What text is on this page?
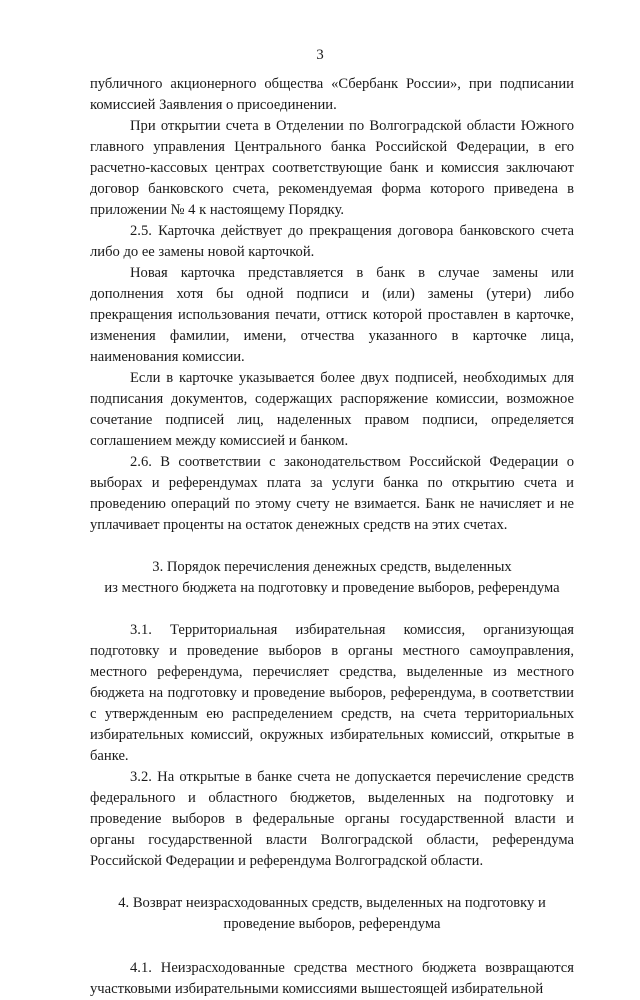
3

публичного акционерного общества «Сбербанк России», при подписании комиссией Заявления о присоединении.

При открытии счета в Отделении по Волгоградской области Южного главного управления Центрального банка Российской Федерации, в его расчетно-кассовых центрах соответствующие банк и комиссия заключают договор банковского счета, рекомендуемая форма которого приведена в приложении № 4 к настоящему Порядку.

2.5. Карточка действует до прекращения договора банковского счета либо до ее замены новой карточкой.

Новая карточка представляется в банк в случае замены или дополнения хотя бы одной подписи и (или) замены (утери) либо прекращения использования печати, оттиск которой проставлен в карточке, изменения фамилии, имени, отчества указанного в карточке лица, наименования комиссии.

Если в карточке указывается более двух подписей, необходимых для подписания документов, содержащих распоряжение комиссии, возможное сочетание подписей лиц, наделенных правом подписи, определяется соглашением между комиссией и банком.

2.6. В соответствии с законодательством Российской Федерации о выборах и референдумах плата за услуги банка по открытию счета и проведению операций по этому счету не взимается. Банк не начисляет и не уплачивает проценты на остаток денежных средств на этих счетах.

3. Порядок перечисления денежных средств, выделенных

из местного бюджета на подготовку и проведение выборов, референдума

3.1. Территориальная избирательная комиссия, организующая подготовку и проведение выборов в органы местного самоуправления, местного референдума, перечисляет средства, выделенные из местного бюджета на подготовку и проведение выборов, референдума, в соответствии с утвержденным ею распределением средств, на счета территориальных избирательных комиссий, окружных избирательных комиссий, открытые в банке.

3.2. На открытые в банке счета не допускается перечисление средств федерального и областного бюджетов, выделенных на подготовку и проведение выборов в федеральные органы государственной власти и органы государственной власти Волгоградской области, референдума Российской Федерации и референдума Волгоградской области.

4. Возврат неизрасходованных средств, выделенных на подготовку и

проведение выборов, референдума

4.1. Неизрасходованные средства местного бюджета возвращаются участковыми избирательными комиссиями вышестоящей избирательной
